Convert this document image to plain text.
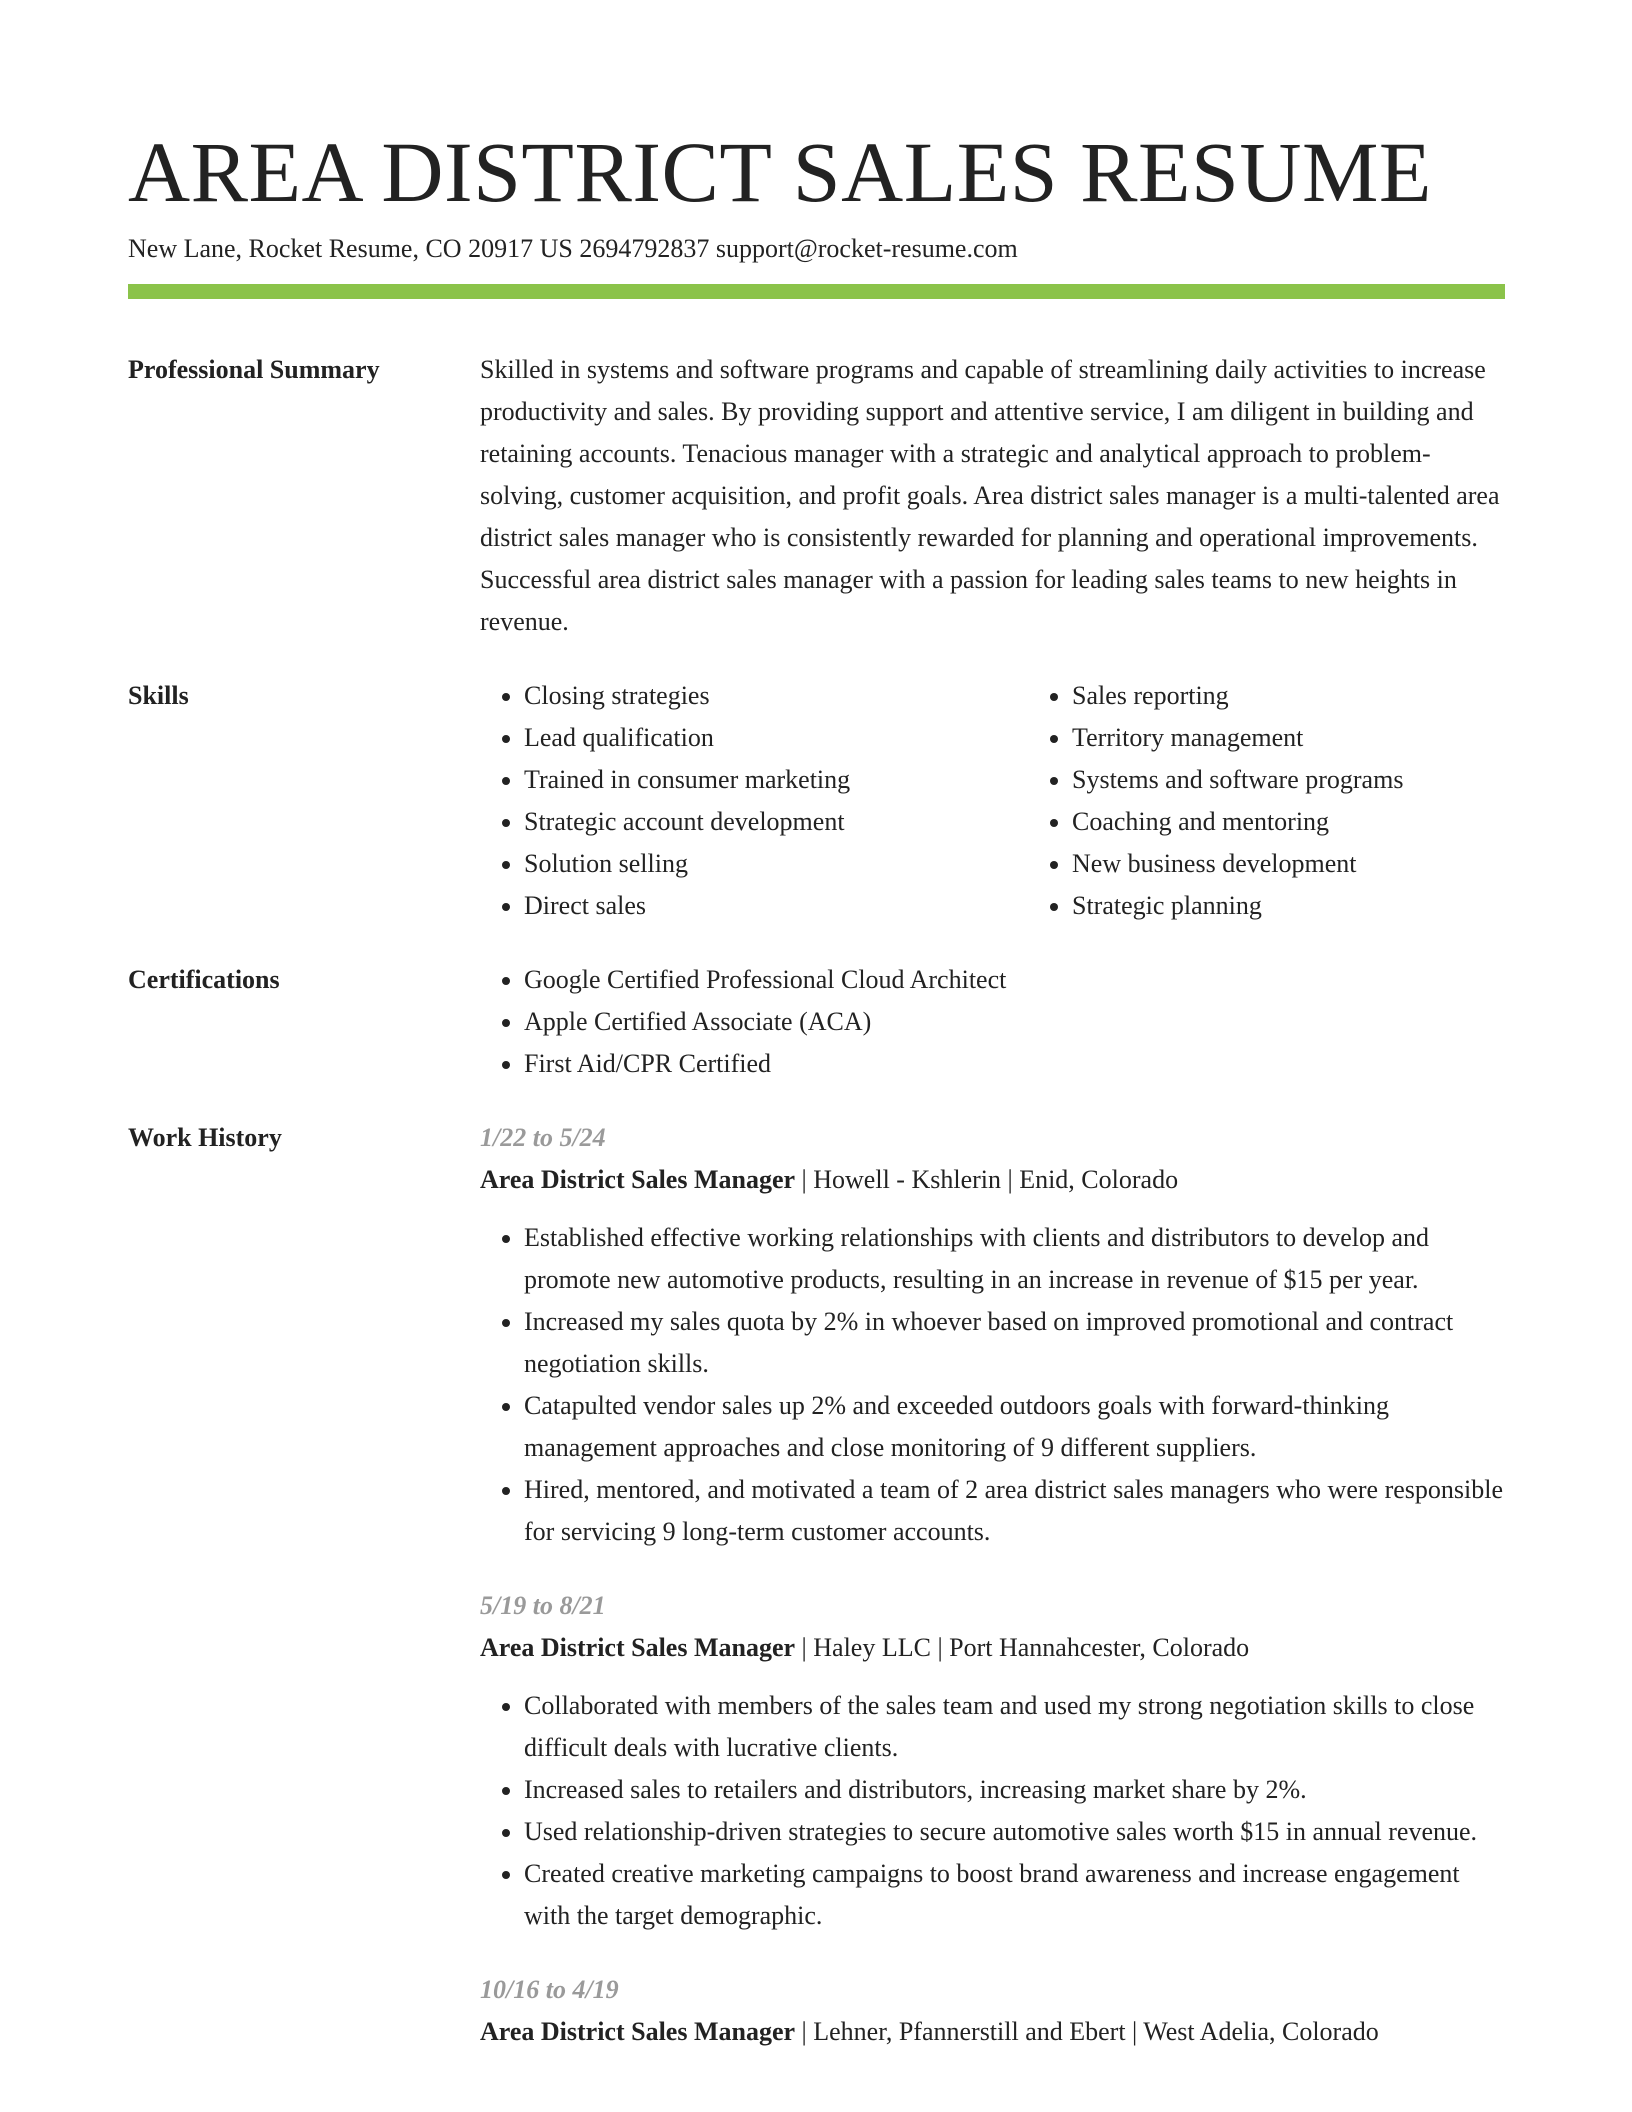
AREA DISTRICT SALES RESUME
New Lane, Rocket Resume, CO 20917 US 2694792837 support@rocket-resume.com
Professional Summary	Skilled in systems and software programs and capable of streamlining daily activities to increase productivity and sales. By providing support and attentive service, I am diligent in building and retaining accounts. Tenacious manager with a strategic and analytical approach to problem-solving, customer acquisition, and profit goals. Area district sales manager is a multi-talented area district sales manager who is consistently rewarded for planning and operational improvements. Successful area district sales manager with a passion for leading sales teams to new heights in revenue.

Skills	• Closing strategies
• Lead qualification
• Trained in consumer marketing
• Strategic account development
• Solution selling
• Direct sales
• Sales reporting
• Territory management
• Systems and software programs
• Coaching and mentoring
• New business development
• Strategic planning
Certifications	• Google Certified Professional Cloud Architect
• Apple Certified Associate (ACA)
• First Aid/CPR Certified
Work History	1/22 to 5/24
Area District Sales Manager | Howell - Kshlerin | Enid, Colorado
• Established effective working relationships with clients and distributors to develop and promote new automotive products, resulting in an increase in revenue of $15 per year.
• Increased my sales quota by 2% in whoever based on improved promotional and contract negotiation skills.
• Catapulted vendor sales up 2% and exceeded outdoors goals with forward-thinking management approaches and close monitoring of 9 different suppliers.
• Hired, mentored, and motivated a team of 2 area district sales managers who were responsible for servicing 9 long-term customer accounts.
5/19 to 8/21
Area District Sales Manager | Haley LLC | Port Hannahcester, Colorado
• Collaborated with members of the sales team and used my strong negotiation skills to close difficult deals with lucrative clients.
• Increased sales to retailers and distributors, increasing market share by 2%.
• Used relationship-driven strategies to secure automotive sales worth $15 in annual revenue.
• Created creative marketing campaigns to boost brand awareness and increase engagement with the target demographic.
10/16 to 4/19
Area District Sales Manager | Lehner, Pfannerstill and Ebert | West Adelia, Colorado
